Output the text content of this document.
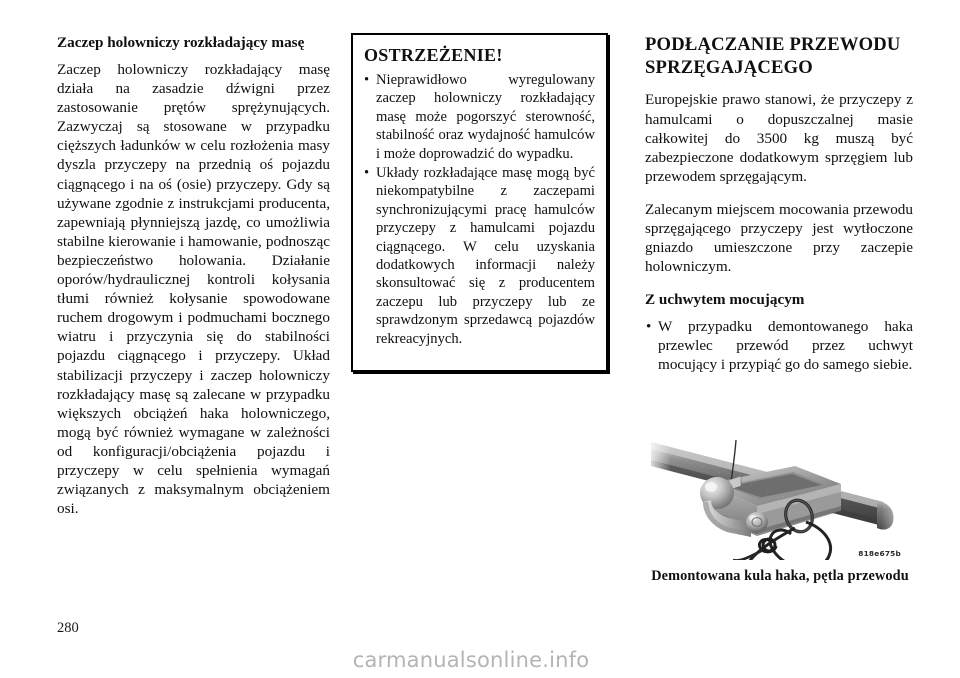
Zaczep holowniczy rozkładający masę

Zaczep holowniczy rozkładający masę działa na zasadzie dźwigni przez zastosowanie prętów sprężynujących. Zazwyczaj są stosowane w przypadku cięższych ładunków w celu rozłożenia masy dyszla przyczepy na przednią oś pojazdu ciągnącego i na oś (osie) przyczepy. Gdy są używane zgodnie z instrukcjami producenta, zapewniają płynniejszą jazdę, co umożliwia stabilne kierowanie i hamowanie, podnosząc bezpieczeństwo holowania. Działanie oporów/hydraulicznej kontroli kołysania tłumi również kołysanie spowodowane ruchem drogowym i podmuchami bocznego wiatru i przyczynia się do stabilności pojazdu ciągnącego i przyczepy. Układ stabilizacji przyczepy i zaczep holowniczy rozkładający masę są zalecane w przypadku większych obciążeń haka holowniczego, mogą być również wymagane w zależności od konfiguracji/obciążenia pojazdu i przyczepy w celu spełnienia wymagań związanych z maksymalnym obciążeniem osi.

OSTRZEŻENIE!
• Nieprawidłowo wyregulowany zaczep holowniczy rozkładający masę może pogorszyć sterowność, stabilność oraz wydajność hamulców i może doprowadzić do wypadku.
• Układy rozkładające masę mogą być niekompatybilne z zaczepami synchronizującymi pracę hamulców przyczepy z hamulcami pojazdu ciągnącego. W celu uzyskania dodatkowych informacji należy skonsultować się z producentem zaczepu lub przyczepy lub ze sprawdzonym sprzedawcą pojazdów rekreacyjnych.
PODŁĄCZANIE PRZEWODU SPRZĘGAJĄCEGO

Europejskie prawo stanowi, że przyczepy z hamulcami o dopuszczalnej masie całkowitej do 3500 kg muszą być zabezpieczone dodatkowym sprzęgiem lub przewodem sprzęgającym.

Zalecanym miejscem mocowania przewodu sprzęgającego przyczepy jest wytłoczone gniazdo umieszczone przy zaczepie holowniczym.

Z uchwytem mocującym
• W przypadku demontowanego haka przewlec przewód przez uchwyt mocujący i przypiąć go do samego siebie.
818e675b
Demontowana kula haka, pętla przewodu
280
carmanualsonline.info
